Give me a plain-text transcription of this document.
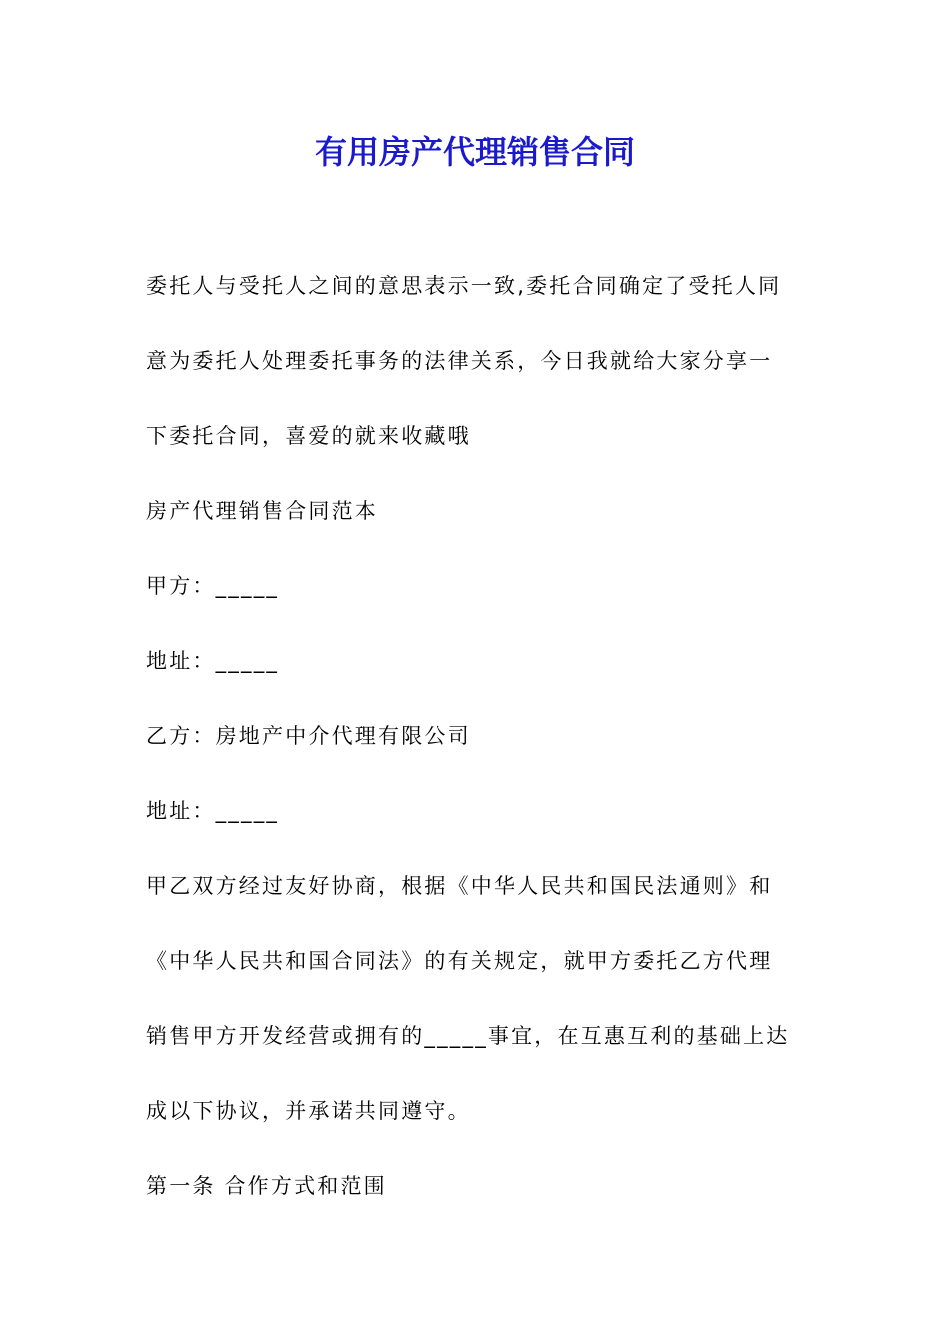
有用房产代理销售合同
委托人与受托人之间的意思表示一致,委托合同确定了受托人同
意为委托人处理委托事务的法律关系，今日我就给大家分享一
下委托合同，喜爱的就来收藏哦
房产代理销售合同范本
甲方：_____
地址：_____
乙方：房地产中介代理有限公司
地址：_____
甲乙双方经过友好协商，根据《中华人民共和国民法通则》和
《中华人民共和国合同法》的有关规定，就甲方委托乙方代理
销售甲方开发经营或拥有的_____事宜，在互惠互利的基础上达
成以下协议，并承诺共同遵守。
第一条 合作方式和范围
